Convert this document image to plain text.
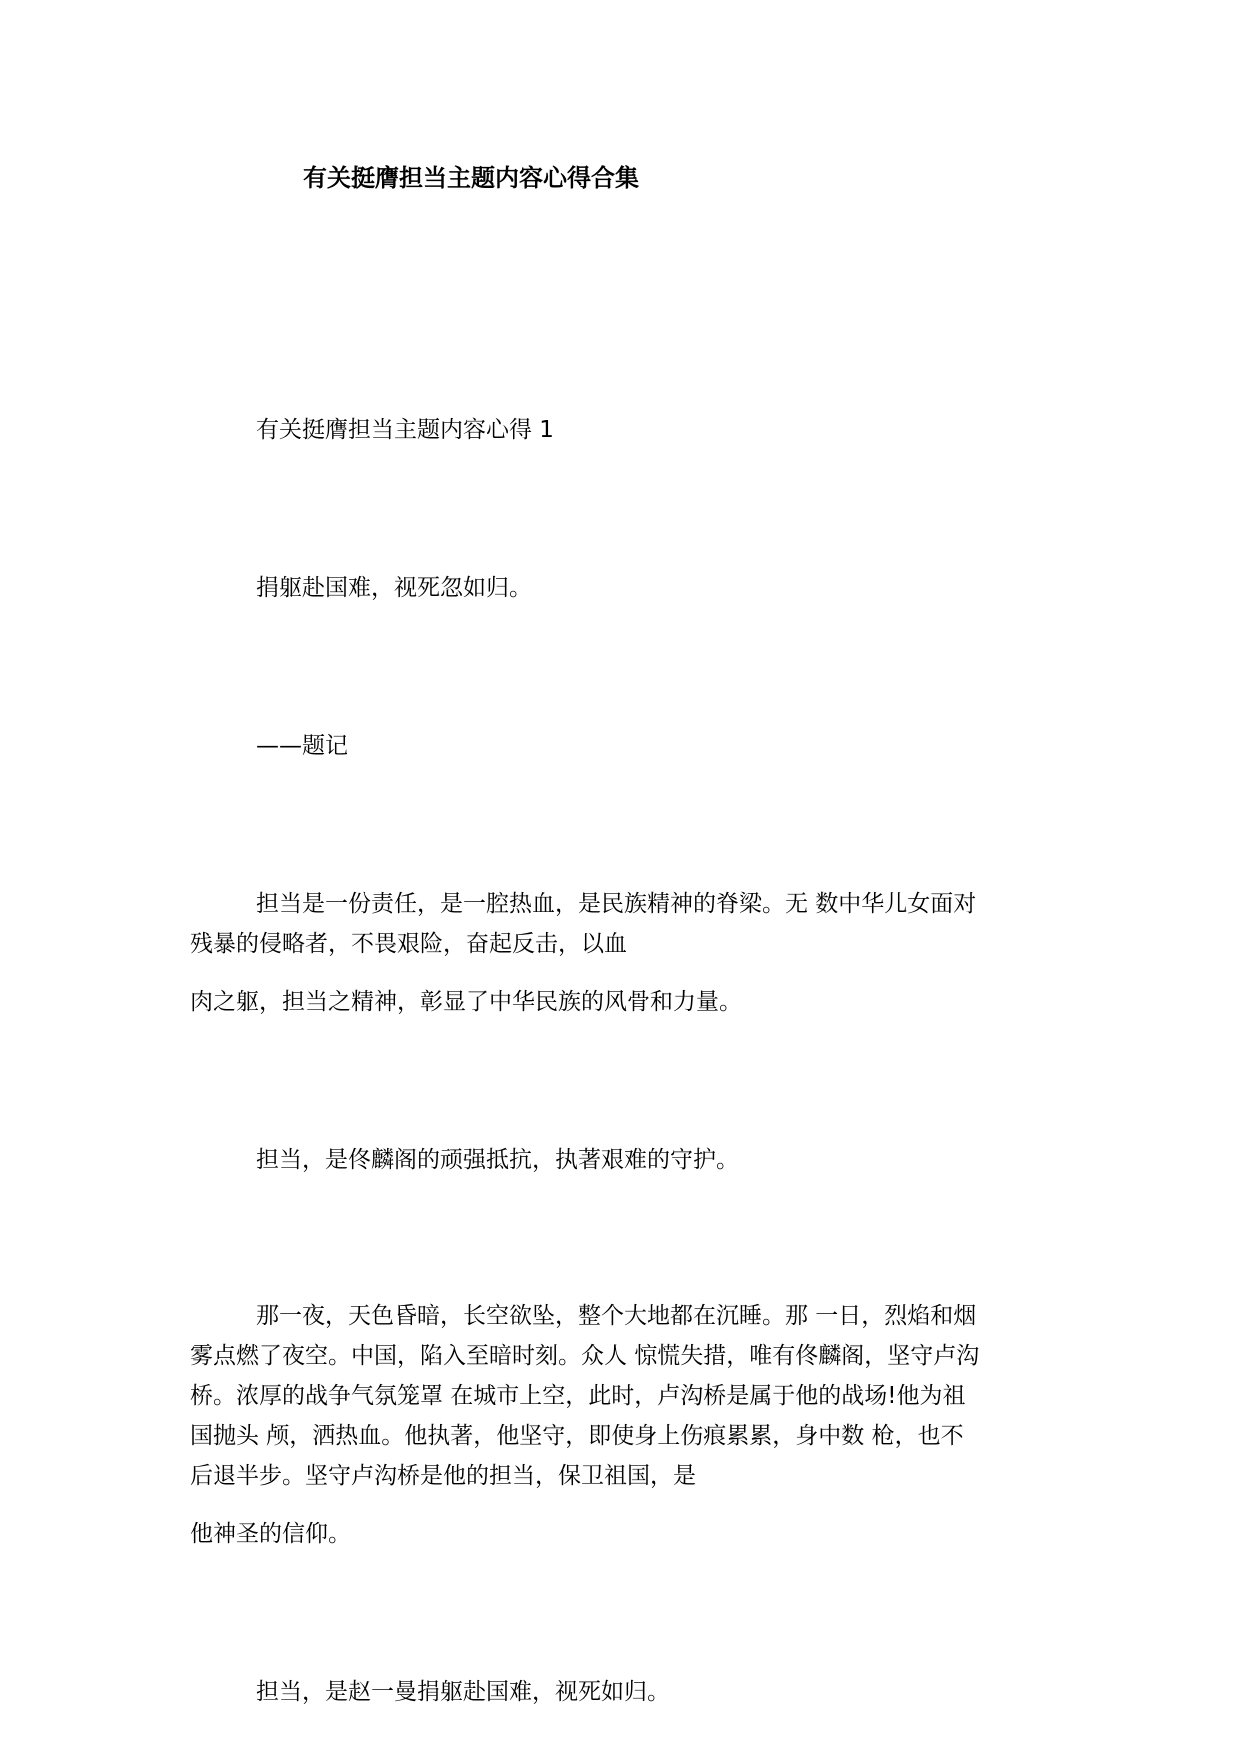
有关挺膺担当主题内容心得合集
有关挺膺担当主题内容心得 1
捐躯赴国难，视死忽如归。
——题记
担当是一份责任，是一腔热血，是民族精神的脊梁。无 数中华儿女面对
残暴的侵略者，不畏艰险，奋起反击，以血
肉之躯，担当之精神，彰显了中华民族的风骨和力量。
担当，是佟麟阁的顽强抵抗，执著艰难的守护。
那一夜，天色昏暗，长空欲坠，整个大地都在沉睡。那 一日，烈焰和烟
雾点燃了夜空。中国，陷入至暗时刻。众人 惊慌失措，唯有佟麟阁，坚守卢沟
桥。浓厚的战争气氛笼罩 在城市上空，此时，卢沟桥是属于他的战场!他为祖
国抛头 颅，洒热血。他执著，他坚守，即使身上伤痕累累，身中数 枪，也不
后退半步。坚守卢沟桥是他的担当，保卫祖国，是
他神圣的信仰。
担当，是赵一曼捐躯赴国难，视死如归。
